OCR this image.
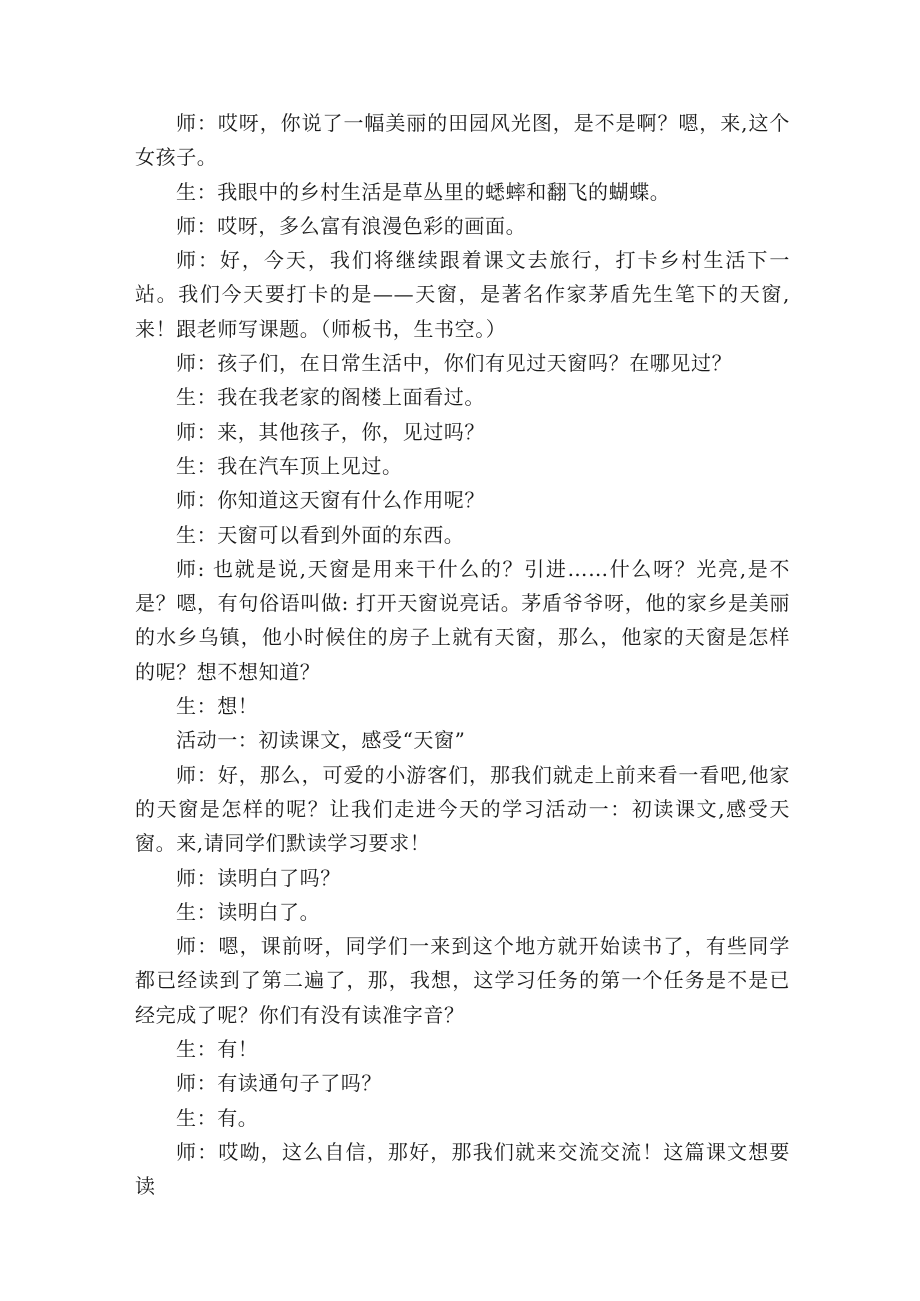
师：哎呀，你说了一幅美丽的田园风光图，是不是啊？嗯，来,这个女孩子。

生：我眼中的乡村生活是草丛里的蟋蟀和翻飞的蝴蝶。

师：哎呀，多么富有浪漫色彩的画面。

师：好，今天，我们将继续跟着课文去旅行，打卡乡村生活下一站。我们今天要打卡的是——天窗，是著名作家茅盾先生笔下的天窗,来！跟老师写课题。（师板书，生书空。）

师：孩子们，在日常生活中，你们有见过天窗吗？在哪见过？

生：我在我老家的阁楼上面看过。

师：来，其他孩子，你，见过吗？

生：我在汽车顶上见过。

师：你知道这天窗有什么作用呢？

生：天窗可以看到外面的东西。

师: 也就是说,天窗是用来干什么的？引进……什么呀？光亮,是不是？嗯，有句俗语叫做: 打开天窗说亮话。茅盾爷爷呀，他的家乡是美丽的水乡乌镇，他小时候住的房子上就有天窗，那么，他家的天窗是怎样的呢？想不想知道？

生：想！

活动一：初读课文，感受“天窗”

师：好，那么，可爱的小游客们，那我们就走上前来看一看吧,他家的天窗是怎样的呢？让我们走进今天的学习活动一：初读课文,感受天窗。来,请同学们默读学习要求！

师：读明白了吗？

生：读明白了。

师：嗯，课前呀，同学们一来到这个地方就开始读书了，有些同学都已经读到了第二遍了，那，我想，这学习任务的第一个任务是不是已经完成了呢？你们有没有读准字音？

生：有！

师：有读通句子了吗？

生：有。

师：哎呦，这么自信，那好，那我们就来交流交流！这篇课文想要读
